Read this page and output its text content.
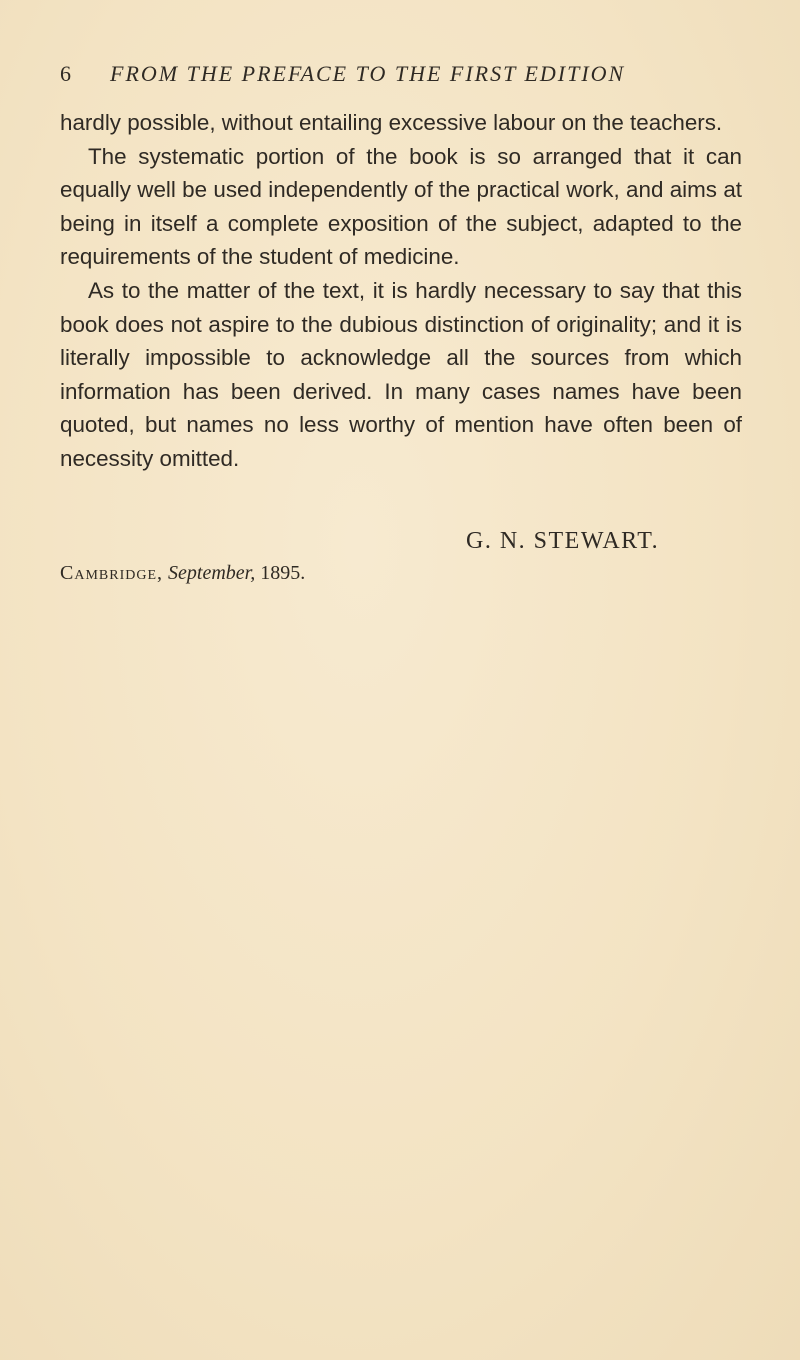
6 FROM THE PREFACE TO THE FIRST EDITION

hardly possible, without entailing excessive labour on the teachers.

The systematic portion of the book is so arranged that it can equally well be used independently of the practical work, and aims at being in itself a complete exposition of the subject, adapted to the requirements of the student of medicine.

As to the matter of the text, it is hardly necessary to say that this book does not aspire to the dubious distinction of originality; and it is literally impossible to acknowledge all the sources from which information has been derived. In many cases names have been quoted, but names no less worthy of mention have often been of necessity omitted.

G. N. STEWART.
Cambridge, September, 1895.
